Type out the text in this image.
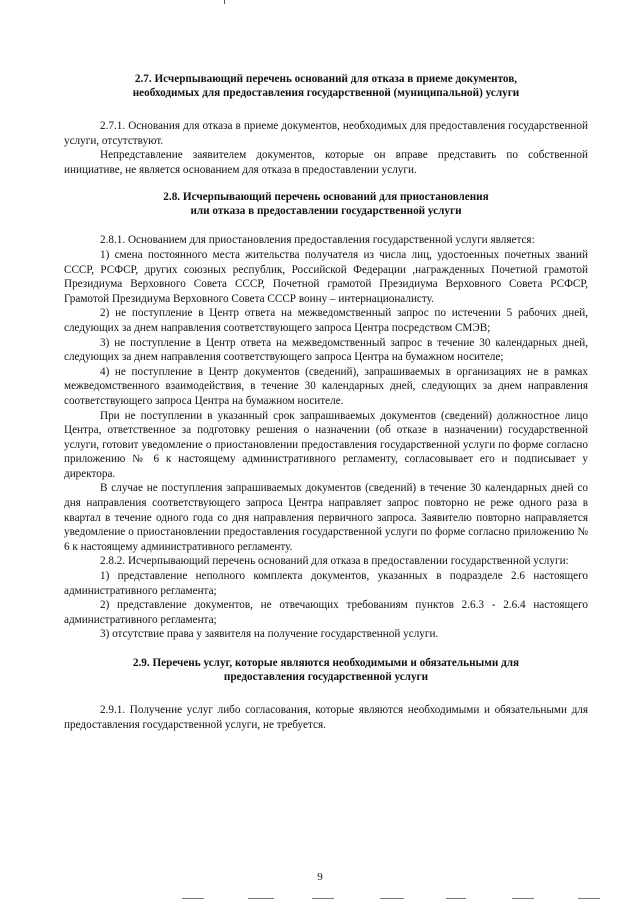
2.7. Исчерпывающий перечень оснований для отказа в приеме документов,
необходимых для предоставления государственной (муниципальной) услуги

2.7.1. Основания для отказа в приеме документов, необходимых для предоставления государственной услуги, отсутствуют.

Непредставление заявителем документов, которые он вправе представить по собственной инициативе, не является основанием для отказа в предоставлении услуги.

2.8. Исчерпывающий перечень оснований для приостановления
или отказа в предоставлении государственной услуги

2.8.1. Основанием для приостановления предоставления государственной услуги является:

1) смена постоянного места жительства получателя из числа лиц, удостоенных почетных званий СССР, РСФСР, других союзных республик, Российской Федерации ,награжденных Почетной грамотой Президиума Верховного Совета СССР, Почетной грамотой Президиума Верховного Совета РСФСР, Грамотой Президиума Верховного Совета СССР воину – интернационалисту.

2) не поступление в Центр ответа на межведомственный запрос по истечении 5 рабочих дней, следующих за днем направления соответствующего запроса Центра посредством СМЭВ;

3) не поступление в Центр ответа на межведомственный запрос в течение 30 календарных дней, следующих за днем направления соответствующего запроса Центра на бумажном носителе;

4) не поступление в Центр документов (сведений), запрашиваемых в организациях не в рамках межведомственного взаимодействия, в течение 30 календарных дней, следующих за днем направления соответствующего запроса Центра на бумажном носителе.

При не поступлении в указанный срок запрашиваемых документов (сведений) должностное лицо Центра, ответственное за подготовку решения о назначении (об отказе в назначении) государственной услуги, готовит уведомление о приостановлении предоставления государственной услуги по форме согласно приложению № 6 к настоящему административного регламенту, согласовывает его и подписывает у директора.

В случае не поступления запрашиваемых документов (сведений) в течение 30 календарных дней со дня направления соответствующего запроса Центра направляет запрос повторно не реже одного раза в квартал в течение одного года со дня направления первичного запроса. Заявителю повторно направляется уведомление о приостановлении предоставления государственной услуги по форме согласно приложению № 6 к настоящему административного регламенту.

2.8.2. Исчерпывающий перечень оснований для отказа в предоставлении государственной услуги:

1) представление неполного комплекта документов, указанных в подразделе 2.6 настоящего административного регламента;

2) представление документов, не отвечающих требованиям пунктов 2.6.3 - 2.6.4 настоящего административного регламента;

3) отсутствие права у заявителя на получение государственной услуги.

2.9. Перечень услуг, которые являются необходимыми и обязательными для
предоставления государственной услуги

2.9.1. Получение услуг либо согласования, которые являются необходимыми и обязательными для предоставления государственной услуги, не требуется.

9
